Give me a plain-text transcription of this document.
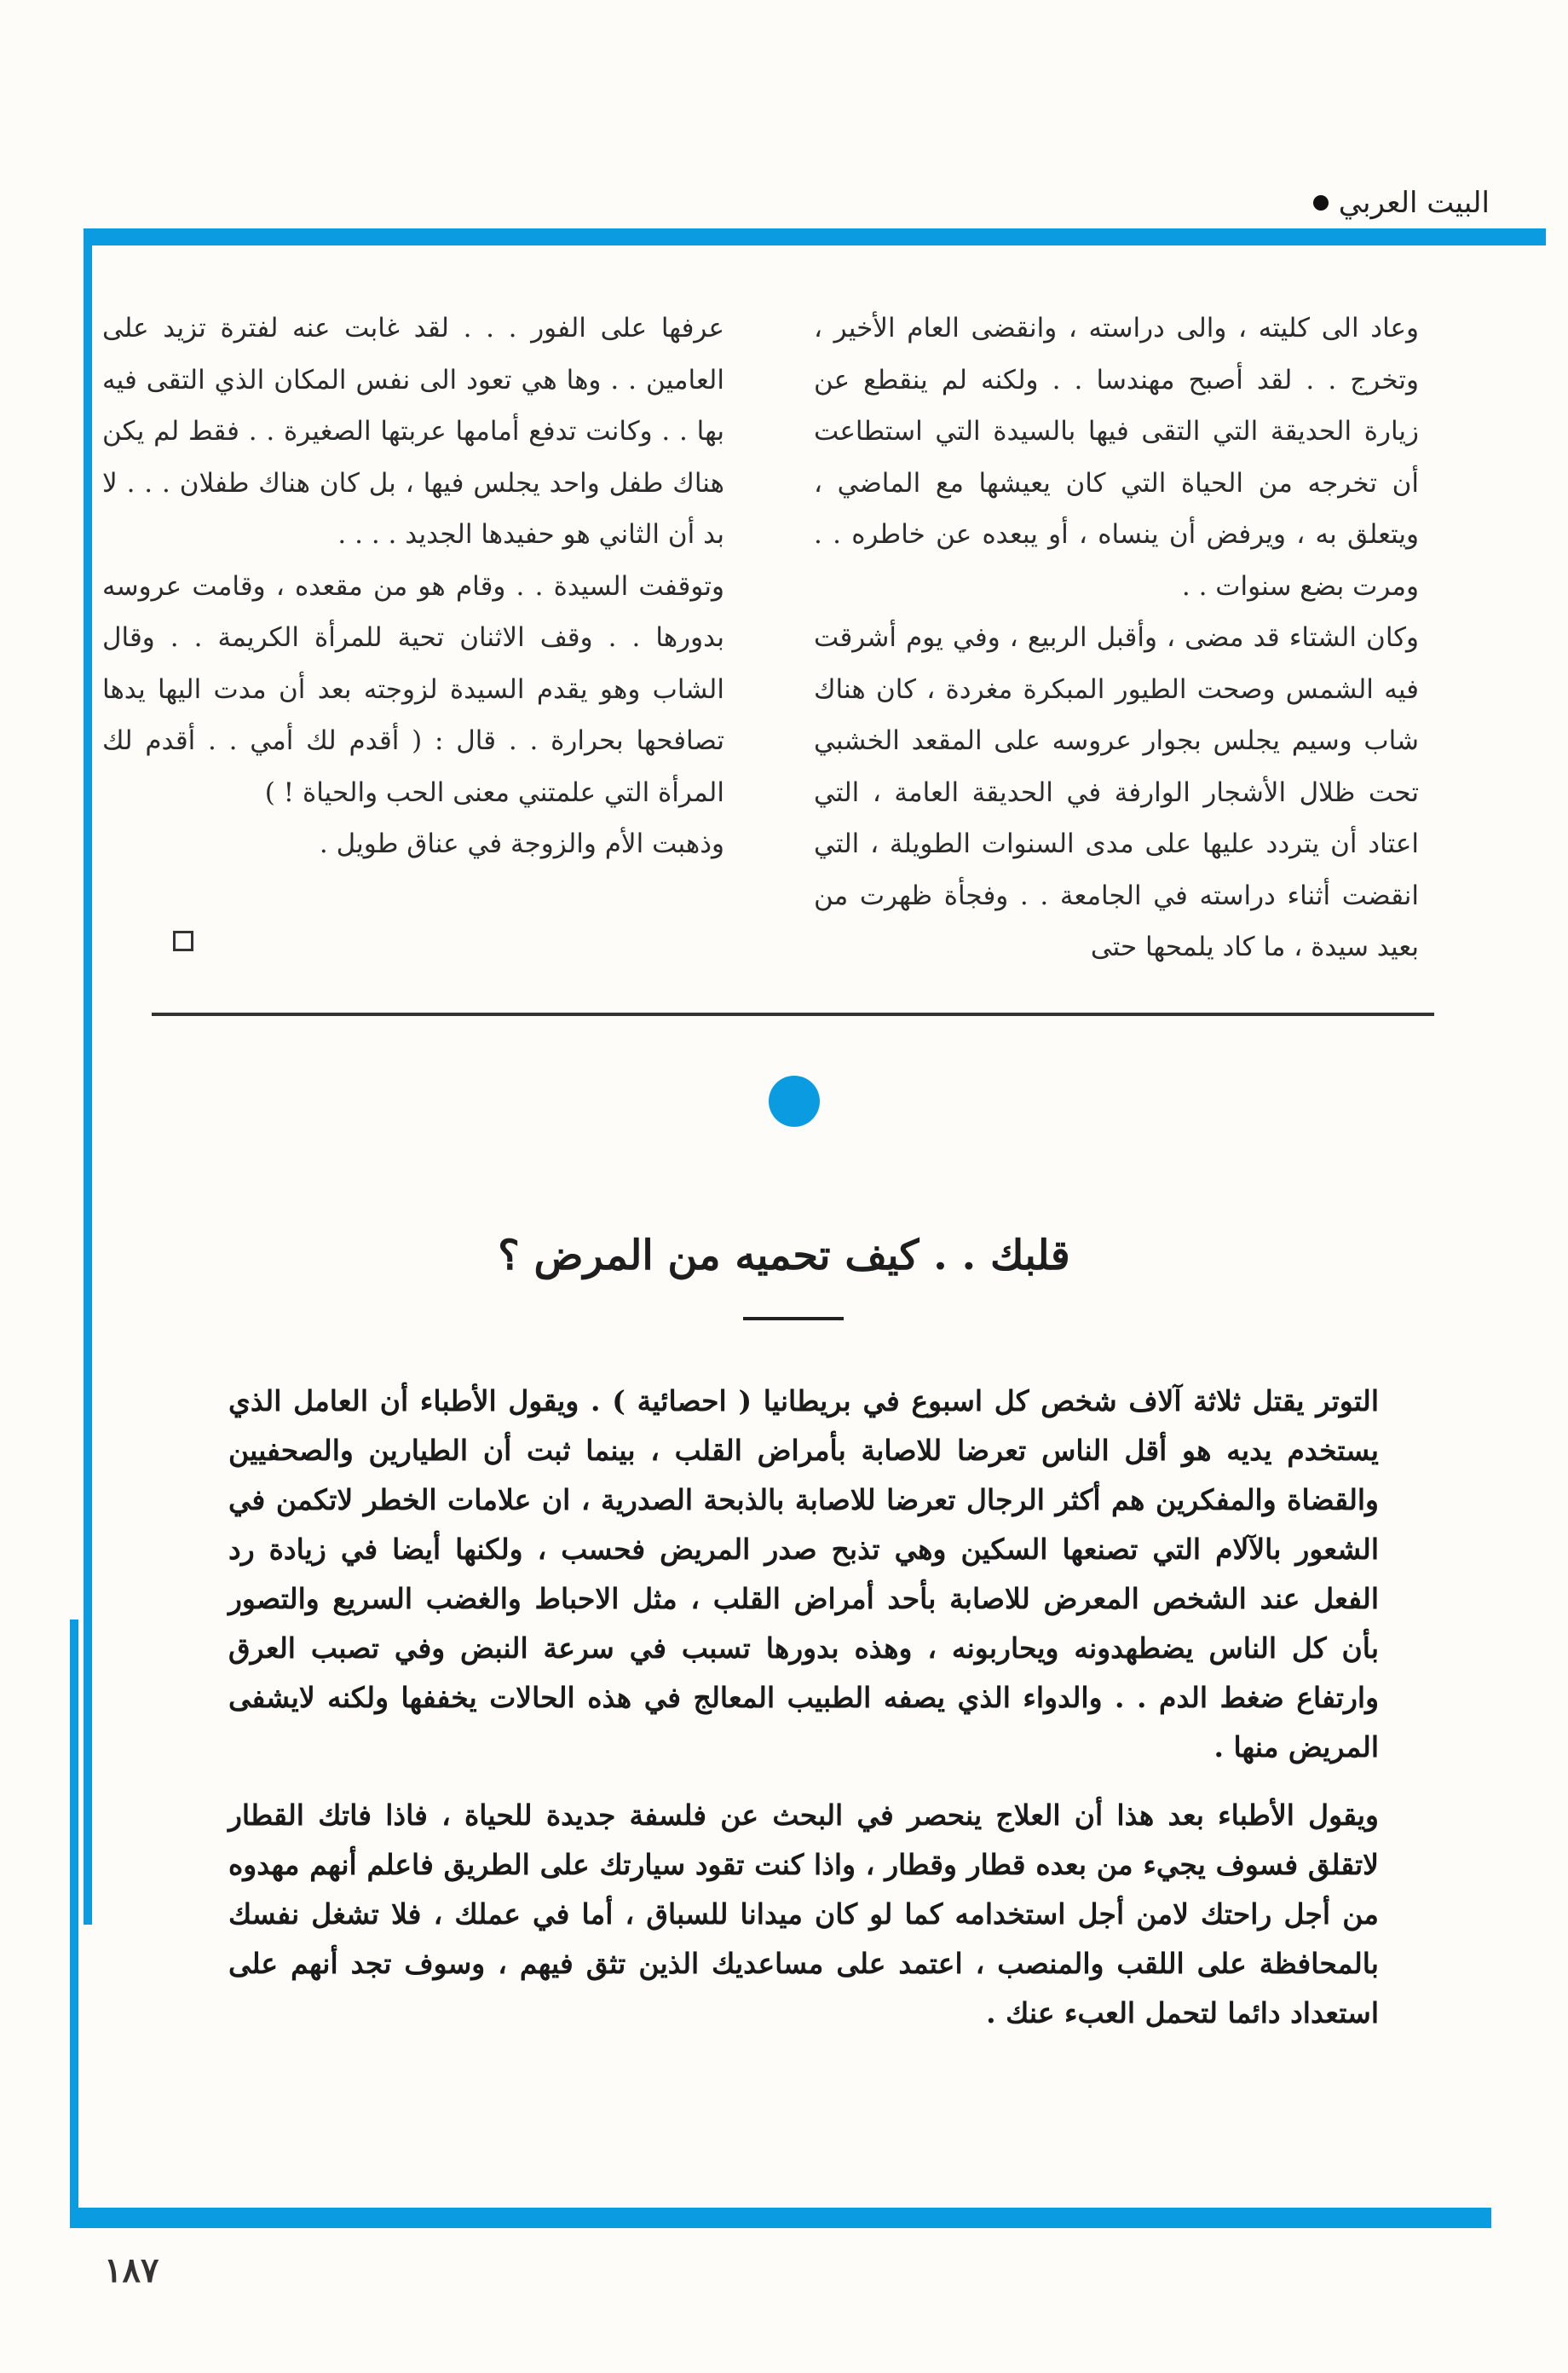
البيت العربي

وعاد الى كليته ، والى دراسته ، وانقضى العام الأخير ، وتخرج . . لقد أصبح مهندسا . . ولكنه لم ينقطع عن زيارة الحديقة التي التقى فيها بالسيدة التي استطاعت أن تخرجه من الحياة التي كان يعيشها مع الماضي ، ويتعلق به ، ويرفض أن ينساه ، أو يبعده عن خاطره . . ومرت بضع سنوات . .

وكان الشتاء قد مضى ، وأقبل الربيع ، وفي يوم أشرقت فيه الشمس وصحت الطيور المبكرة مغردة ، كان هناك شاب وسيم يجلس بجوار عروسه على المقعد الخشبي تحت ظلال الأشجار الوارفة في الحديقة العامة ، التي اعتاد أن يتردد عليها على مدى السنوات الطويلة ، التي انقضت أثناء دراسته في الجامعة . . وفجأة ظهرت من بعيد سيدة ، ما كاد يلمحها حتى

عرفها على الفور . . . لقد غابت عنه لفترة تزيد على العامين . . وها هي تعود الى نفس المكان الذي التقى فيه بها . . وكانت تدفع أمامها عربتها الصغيرة . . فقط لم يكن هناك طفل واحد يجلس فيها ، بل كان هناك طفلان . . . لا بد أن الثاني هو حفيدها الجديد . . . .

وتوقفت السيدة . . وقام هو من مقعده ، وقامت عروسه بدورها . . وقف الاثنان تحية للمرأة الكريمة . . وقال الشاب وهو يقدم السيدة لزوجته بعد أن مدت اليها يدها تصافحها بحرارة . . قال : ( أقدم لك أمي . . أقدم لك المرأة التي علمتني معنى الحب والحياة ! )

وذهبت الأم والزوجة في عناق طويل .

قلبك . . كيف تحميه من المرض ؟

التوتر يقتل ثلاثة آلاف شخص كل اسبوع في بريطانيا ( احصائية ) . ويقول الأطباء أن العامل الذي يستخدم يديه هو أقل الناس تعرضا للاصابة بأمراض القلب ، بينما ثبت أن الطيارين والصحفيين والقضاة والمفكرين هم أكثر الرجال تعرضا للاصابة بالذبحة الصدرية ، ان علامات الخطر لاتكمن في الشعور بالآلام التي تصنعها السكين وهي تذبح صدر المريض فحسب ، ولكنها أيضا في زيادة رد الفعل عند الشخص المعرض للاصابة بأحد أمراض القلب ، مثل الاحباط والغضب السريع والتصور بأن كل الناس يضطهدونه ويحاربونه ، وهذه بدورها تسبب في سرعة النبض وفي تصبب العرق وارتفاع ضغط الدم . . والدواء الذي يصفه الطبيب المعالج في هذه الحالات يخففها ولكنه لايشفى المريض منها .

ويقول الأطباء بعد هذا أن العلاج ينحصر في البحث عن فلسفة جديدة للحياة ، فاذا فاتك القطار لاتقلق فسوف يجيء من بعده قطار وقطار ، واذا كنت تقود سيارتك على الطريق فاعلم أنهم مهدوه من أجل راحتك لامن أجل استخدامه كما لو كان ميدانا للسباق ، أما في عملك ، فلا تشغل نفسك بالمحافظة على اللقب والمنصب ، اعتمد على مساعديك الذين تثق فيهم ، وسوف تجد أنهم على استعداد دائما لتحمل العبء عنك .

١٨٧
